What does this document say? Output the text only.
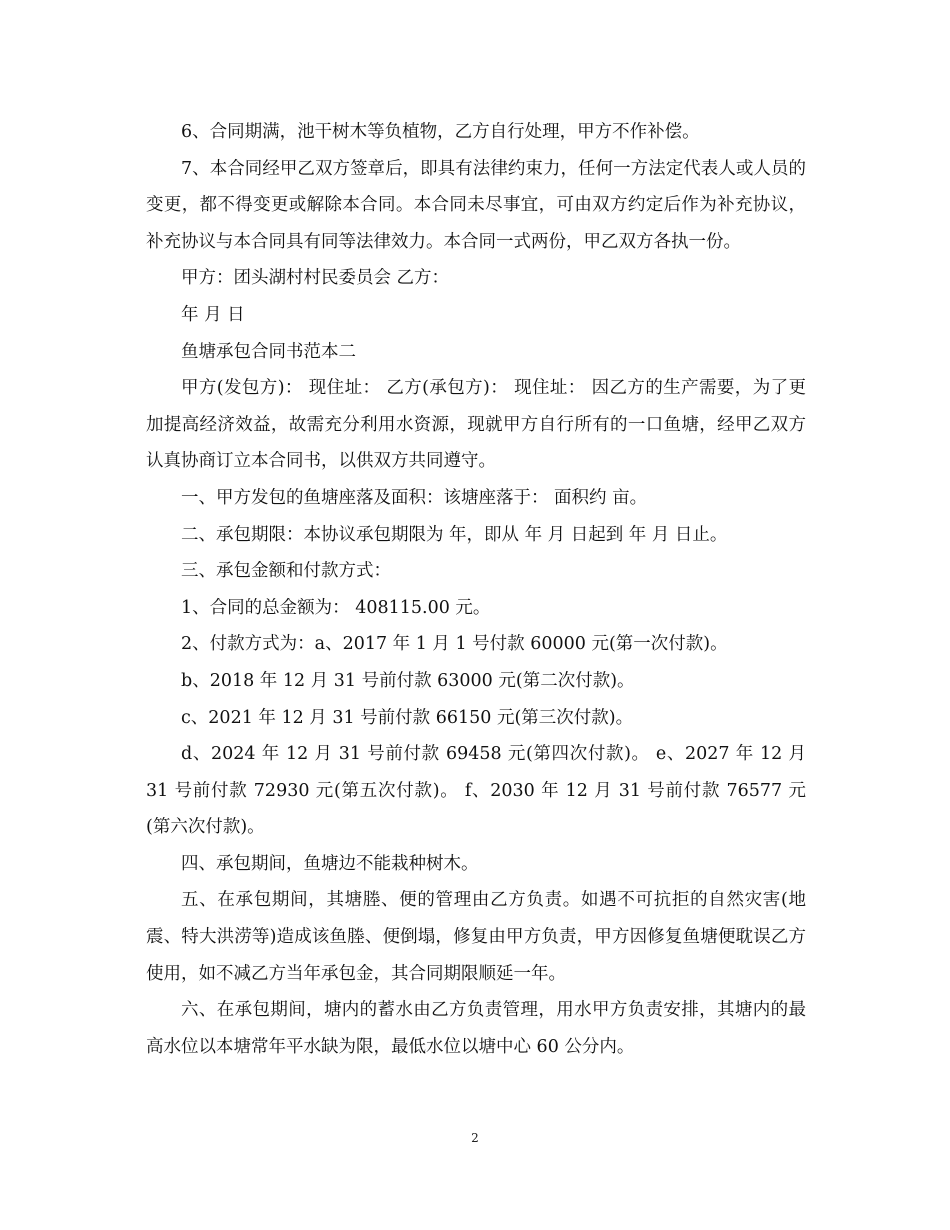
6、合同期满，池干树木等负植物，乙方自行处理，甲方不作补偿。

7、本合同经甲乙双方签章后，即具有法律约束力，任何一方法定代表人或人员的变更，都不得变更或解除本合同。本合同未尽事宜，可由双方约定后作为补充协议，补充协议与本合同具有同等法律效力。本合同一式两份，甲乙双方各执一份。

甲方：团头湖村村民委员会 乙方：

年 月 日

鱼塘承包合同书范本二

甲方(发包方)： 现住址： 乙方(承包方)： 现住址： 因乙方的生产需要，为了更加提高经济效益，故需充分利用水资源，现就甲方自行所有的一口鱼塘，经甲乙双方认真协商订立本合同书，以供双方共同遵守。

一、甲方发包的鱼塘座落及面积：该塘座落于： 面积约 亩。

二、承包期限：本协议承包期限为 年，即从 年 月 日起到 年 月 日止。

三、承包金额和付款方式：

1、合同的总金额为： 408115.00 元。

2、付款方式为：a、2017 年 1 月 1 号付款 60000 元(第一次付款)。

b、2018 年 12 月 31 号前付款 63000 元(第二次付款)。

c、2021 年 12 月 31 号前付款 66150 元(第三次付款)。

d、2024 年 12 月 31 号前付款 69458 元(第四次付款)。 e、2027 年 12 月 31 号前付款 72930 元(第五次付款)。 f、2030 年 12 月 31 号前付款 76577 元(第六次付款)。

四、承包期间，鱼塘边不能栽种树木。

五、在承包期间，其塘塍、便的管理由乙方负责。如遇不可抗拒的自然灾害(地震、特大洪涝等)造成该鱼塍、便倒塌，修复由甲方负责，甲方因修复鱼塘便耽误乙方使用，如不减乙方当年承包金，其合同期限顺延一年。

六、在承包期间，塘内的蓄水由乙方负责管理，用水甲方负责安排，其塘内的最高水位以本塘常年平水缺为限，最低水位以塘中心 60 公分内。

2
